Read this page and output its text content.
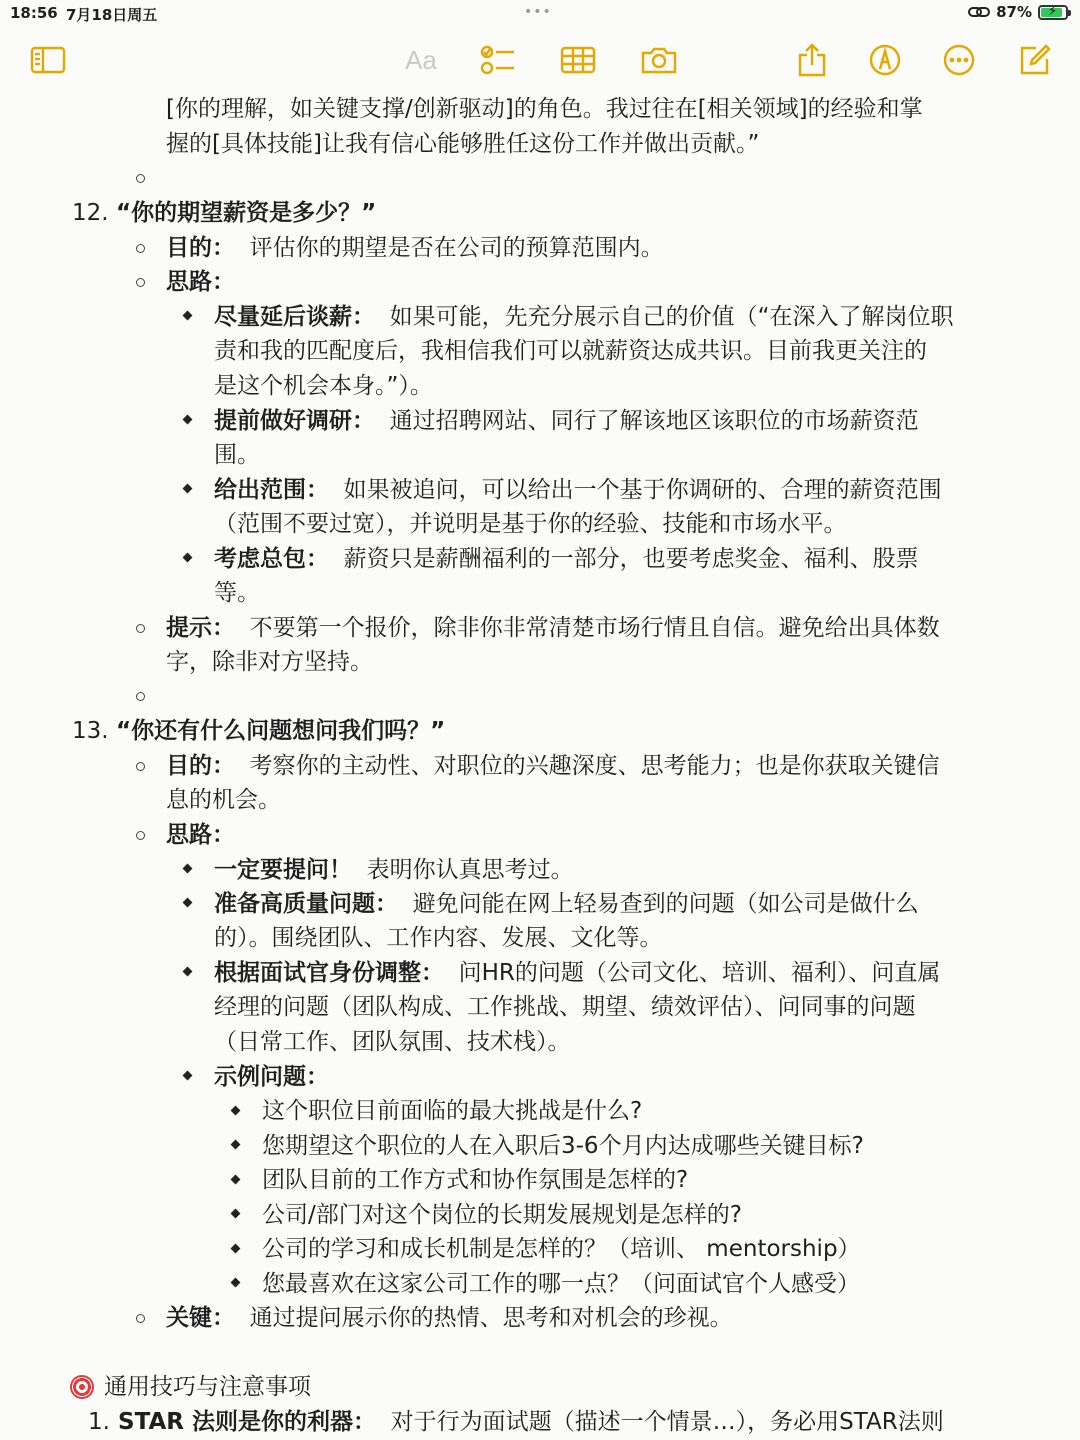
18:56 7月18日周五	•••	87% ⚡
Aa
[你的理解，如关键支撑/创新驱动]的角色。我过往在[相关领域]的经验和掌
握的[具体技能]让我有信心能够胜任这份工作并做出贡献。”
12. “你的期望薪资是多少？”
目的： 评估你的期望是否在公司的预算范围内。
思路：
尽量延后谈薪： 如果可能，先充分展示自己的价值（“在深入了解岗位职
责和我的匹配度后，我相信我们可以就薪资达成共识。目前我更关注的
是这个机会本身。”）。
提前做好调研： 通过招聘网站、同行了解该地区该职位的市场薪资范
围。
给出范围： 如果被追问，可以给出一个基于你调研的、合理的薪资范围
（范围不要过宽），并说明是基于你的经验、技能和市场水平。
考虑总包： 薪资只是薪酬福利的一部分，也要考虑奖金、福利、股票
等。
提示： 不要第一个报价，除非你非常清楚市场行情且自信。避免给出具体数
字，除非对方坚持。
13. “你还有什么问题想问我们吗？”
目的： 考察你的主动性、对职位的兴趣深度、思考能力；也是你获取关键信
息的机会。
思路：
一定要提问！ 表明你认真思考过。
准备高质量问题： 避免问能在网上轻易查到的问题（如公司是做什么
的）。围绕团队、工作内容、发展、文化等。
根据面试官身份调整： 问HR的问题（公司文化、培训、福利）、问直属
经理的问题（团队构成、工作挑战、期望、绩效评估）、问同事的问题
（日常工作、团队氛围、技术栈）。
示例问题：
这个职位目前面临的最大挑战是什么?
您期望这个职位的人在入职后3-6个月内达成哪些关键目标?
团队目前的工作方式和协作氛围是怎样的?
公司/部门对这个岗位的长期发展规划是怎样的?
公司的学习和成长机制是怎样的？（培训、 mentorship）
您最喜欢在这家公司工作的哪一点？（问面试官个人感受）
关键： 通过提问展示你的热情、思考和对机会的珍视。
通用技巧与注意事项
1. STAR 法则是你的利器： 对于行为面试题（描述一个情景…），务必用STAR法则
